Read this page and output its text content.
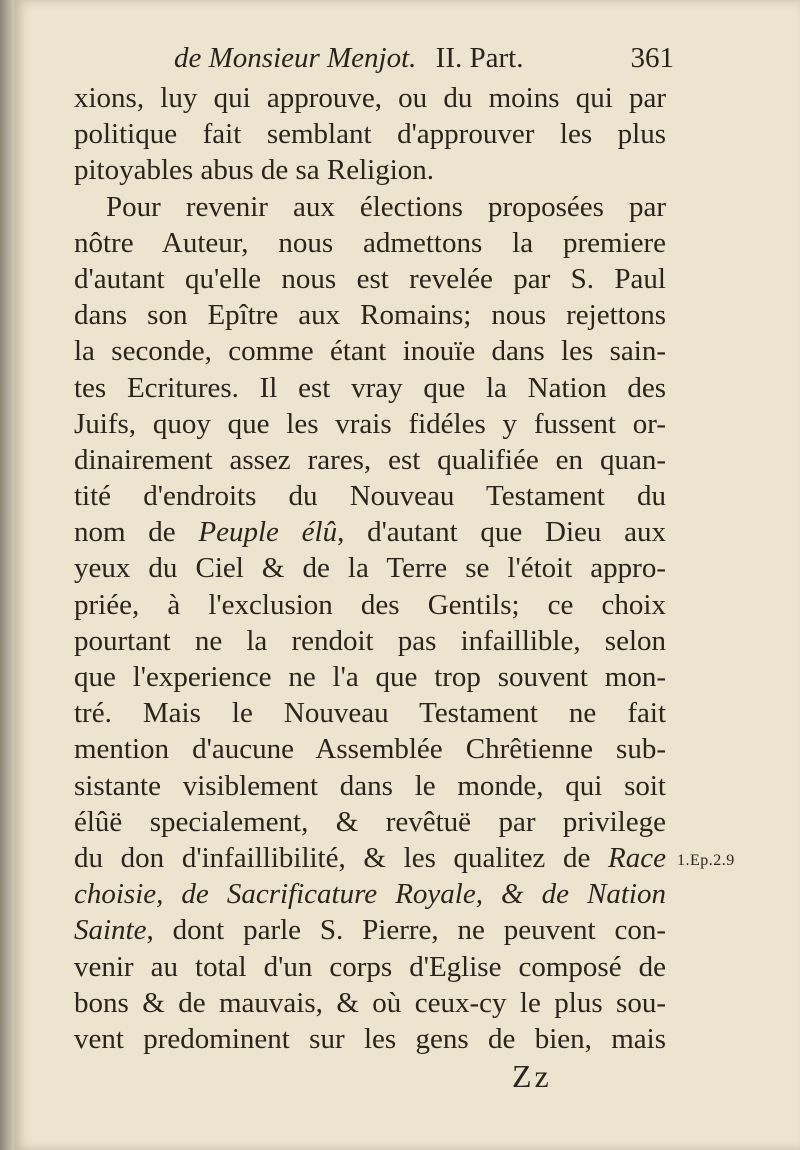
de Monsieur Menjot. II. Part.	361
xions, luy qui approuve, ou du moins qui par
politique fait semblant d'approuver les plus
pitoyables abus de sa Religion.
Pour revenir aux élections proposées par
nôtre Auteur, nous admettons la premiere
d'autant qu'elle nous est revelée par S. Paul
dans son Epître aux Romains; nous rejettons
la seconde, comme étant inouïe dans les sain-
tes Ecritures. Il est vray que la Nation des
Juifs, quoy que les vrais fidéles y fussent or-
dinairement assez rares, est qualifiée en quan-
tité d'endroits du Nouveau Testament du
nom de Peuple élû, d'autant que Dieu aux
yeux du Ciel & de la Terre se l'étoit appro-
priée, à l'exclusion des Gentils; ce choix
pourtant ne la rendoit pas infaillible, selon
que l'experience ne l'a que trop souvent mon-
tré. Mais le Nouveau Testament ne fait
mention d'aucune Assemblée Chrêtienne sub-
sistante visiblement dans le monde, qui soit
élûë specialement, & revêtuë par privilege
du don d'infaillibilité, & les qualitez de Race
choisie, de Sacrificature Royale, & de Nation
Sainte, dont parle S. Pierre, ne peuvent con-
venir au total d'un corps d'Eglise composé de
bons & de mauvais, & où ceux-cy le plus sou-
vent predominent sur les gens de bien, mais
1.Ep.2.9
Zz
